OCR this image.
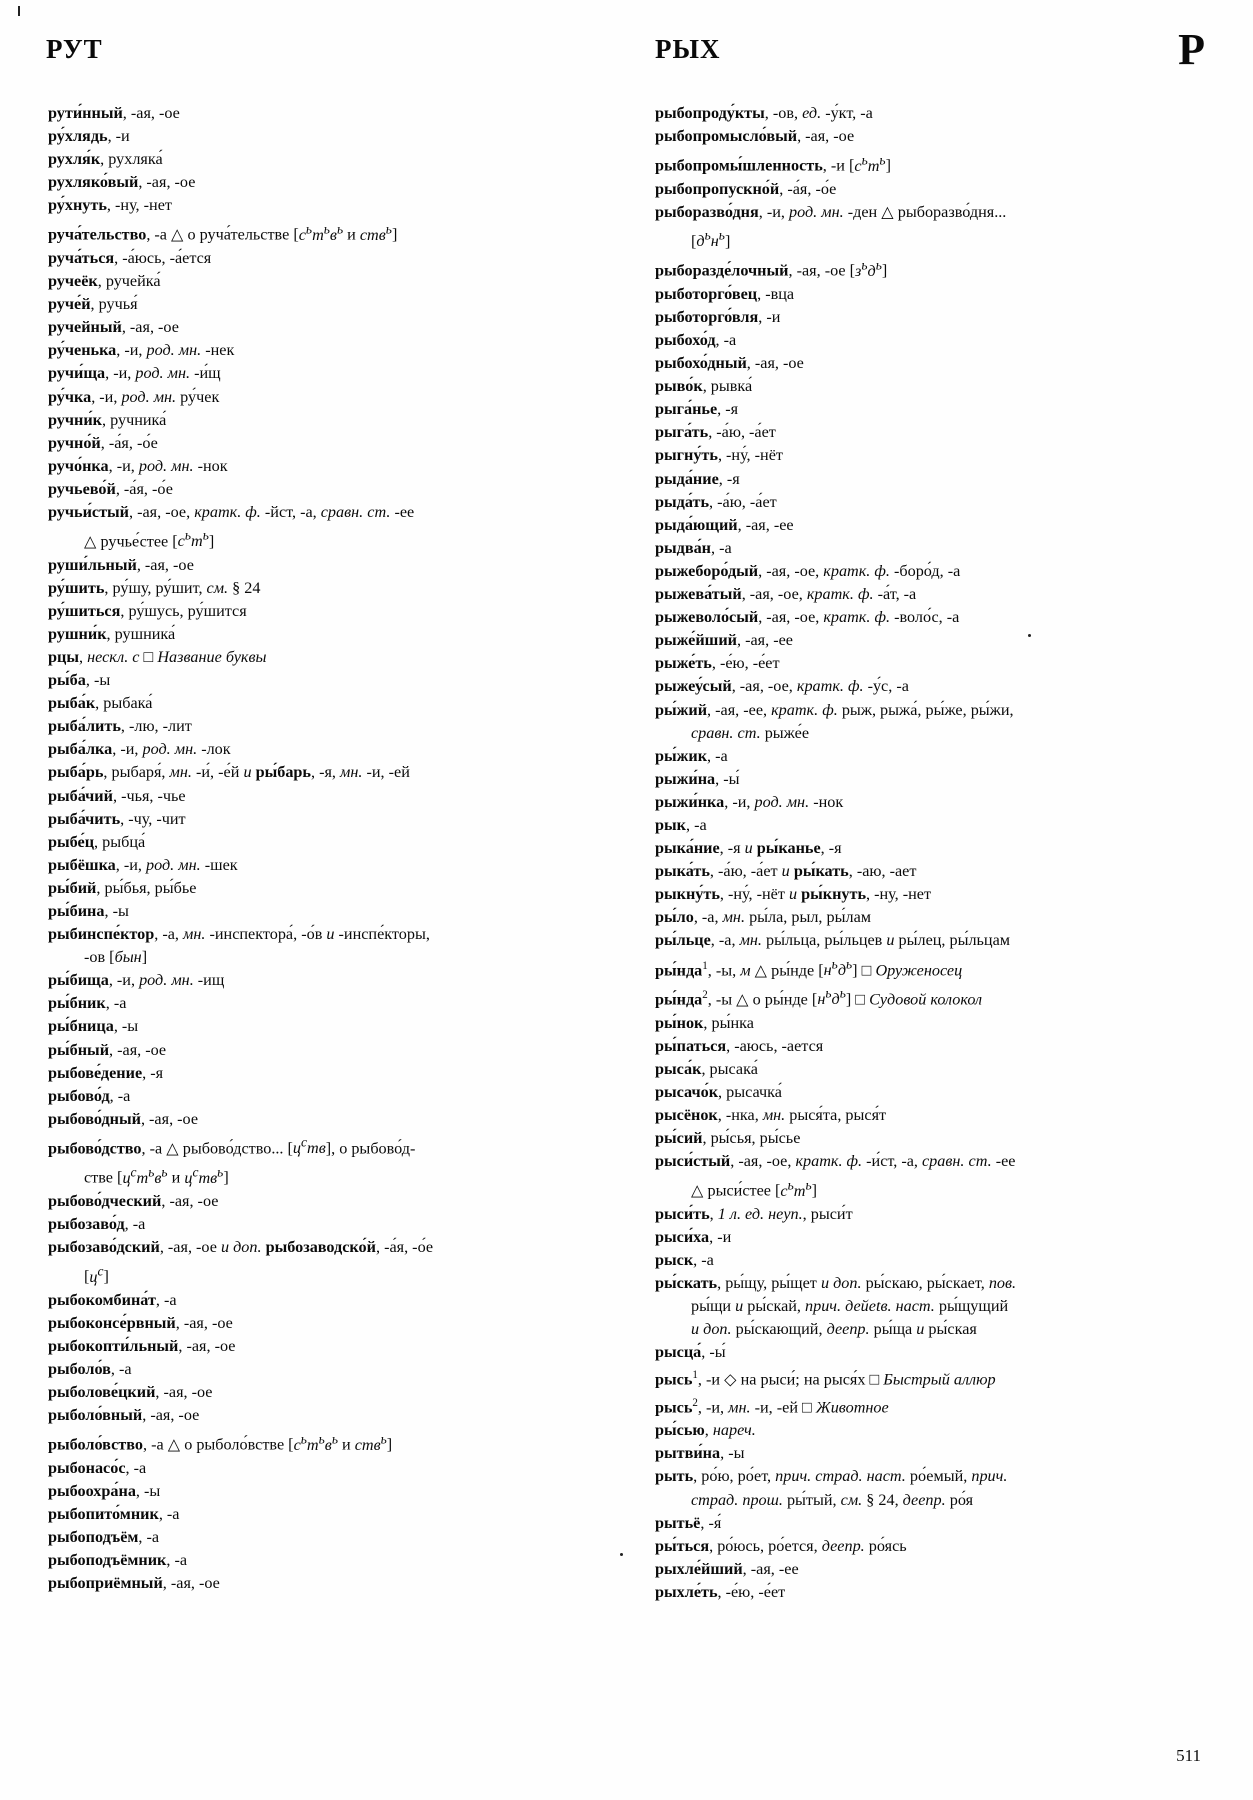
РУТ	РЫХ	Р
рути́нный, -ая, -ое
ру́хлядь, -и
рухля́к, рухляка́
рухляко́вый, -ая, -ое
ру́хнуть, -ну, -нет
руча́тельство, -а △ о руча́тельстве [$с^ьт^ьв^ь$ и ств$^ь$]
руча́ться, -а́юсь, -а́ется
ручеёк, ручейка́
руче́й, ручья́
ручейный, -ая, -ое
ру́ченька, -и, род. мн. -нек
ручи́ща, -и, род. мн. -и́щ
ру́чка, -и, род. мн. ру́чек
ручни́к, ручника́
ручно́й, -а́я, -о́е
ручо́нка, -и, род. мн. -нок
ручьево́й, -а́я, -о́е
ручьи́стый, -ая, -ое, кратк. ф. -йст, -а, сравн. ст. -ее
△ ручье́стее $[с^ьт^ь]$
руши́льный, -ая, -ое
ру́шить, ру́шу, ру́шит, см. § 24
ру́шиться, ру́шусь, ру́шится
рушни́к, рушника́
рцы, нескл. с □ Название буквы
ры́ба, -ы
рыба́к, рыбака́
рыба́лить, -лю, -лит
рыба́лка, -и, род. мн. -лок
рыба́рь, рыбаря́, мн. -и́, -е́й и ры́барь, -я, мн. -и, -ей
рыба́чий, -чья, -чье
рыба́чить, -чу, -чит
рыбе́ц, рыбца́
рыбёшка, -и, род. мн. -шек
ры́бий, ры́бья, ры́бье
ры́бина, -ы
рыбинспе́ктор, -а, мн. -инспектора́, -о́в и -инспе́кторы,
-ов [бын]
ры́бища, -и, род. мн. -ищ
ры́бник, -а
ры́бница, -ы
ры́бный, -ая, -ое
рыбове́дение, -я
рыбово́д, -а
рыбово́дный, -ая, -ое
рыбово́дство, -а △ рыбово́дство... $[ц^ств]$, о рыбово́д-
стве [$ц^ст^ьв^ь$ и $ц^ств^ь$]
рыбово́дческий, -ая, -ое
рыбозаво́д, -а
рыбозаво́дский, -ая, -ое и доп. рыбозаводско́й, -а́я, -о́е
$[ц^с]$
рыбокомбина́т, -а
рыбоконсе́рвный, -ая, -ое
рыбокопти́льный, -ая, -ое
рыболо́в, -а
рыболове́цкий, -ая, -ое
рыболо́вный, -ая, -ое
рыболо́вство, -а △ о рыболо́встве [$с^ьт^ьв^ь$ и ств$^ь$]
рыбонасо́с, -а
рыбоохра́на, -ы
рыбопито́мник, -а
рыбоподъём, -а
рыбоподъёмник, -а
рыбоприёмный, -ая, -ое
рыбопроду́кты, -ов, ед. -у́кт, -а
рыбопромысло́вый, -ая, -ое
рыбопромы́шленность, -и $[с^ьт^ь]$
рыбопропускно́й, -а́я, -о́е
рыборазво́дня, -и, род. мн. -ден △ рыборазво́дня...
$[д^ьн^ь]$
рыборазде́лочный, -ая, -ое $[з^ьд^ь]$
рыботорго́вец, -вца
рыботорго́вля, -и
рыбохо́д, -а
рыбохо́дный, -ая, -ое
рыво́к, рывка́
рыга́нье, -я
рыга́ть, -а́ю, -а́ет
рыгну́ть, -ну́, -нёт
рыда́ние, -я
рыда́ть, -а́ю, -а́ет
рыда́ющий, -ая, -ее
рыдва́н, -а
рыжеборо́дый, -ая, -ое, кратк. ф. -боро́д, -а
рыжева́тый, -ая, -ое, кратк. ф. -а́т, -а
рыжеволо́сый, -ая, -ое, кратк. ф. -воло́с, -а
рыже́йший, -ая, -ее
рыже́ть, -е́ю, -е́ет
рыжеу́сый, -ая, -ое, кратк. ф. -у́с, -а
ры́жий, -ая, -ее, кратк. ф. рыж, рыжа́, ры́же, ры́жи,
сравн. ст. рыже́е
ры́жик, -а
рыжи́на, -ы́
рыжи́нка, -и, род. мн. -нок
рык, -а
рыка́ние, -я и ры́канье, -я
рыка́ть, -а́ю, -а́ет и ры́кать, -аю, -ает
рыкну́ть, -ну́, -нёт и ры́кнуть, -ну, -нет
ры́ло, -а, мн. ры́ла, рыл, ры́лам
ры́льце, -а, мн. ры́льца, ры́льцев и ры́лец, ры́льцам
ры́нда$^1$, -ы, м △ ры́нде $[н^ьд^ь]$ □ Оруженосец
ры́нда$^2$, -ы △ о ры́нде $[н^ьд^ь]$ □ Судовой колокол
ры́нок, ры́нка
ры́паться, -аюсь, -ается
рыса́к, рысака́
рысачо́к, рысачка́
рысёнок, -нка, мн. рыся́та, рыся́т
ры́сий, ры́сья, ры́сье
рыси́стый, -ая, -ое, кратк. ф. -и́ст, -а, сравн. ст. -ее
△ рыси́стее $[с^ьт^ь]$
рыси́ть, 1 л. ед. неуп., рыси́т
рыси́ха, -и
рыск, -а
ры́скать, ры́щу, ры́щет и доп. ры́скаю, ры́скает, пов.
ры́щи и ры́скай, прич. дейetв. наст. ры́щущий
и доп. ры́скающий, деепр. ры́ща и ры́ская
рысца́, -ы́
рысь$^1$, -и ◇ на рыси́; на рыся́х □ Быстрый аллюр
рысь$^2$, -и, мн. -и, -ей □ Животное
ры́сью, нареч.
рытви́на, -ы
рыть, ро́ю, ро́ет, прич. страд. наст. ро́емый, прич.
страд. прош. ры́тый, см. § 24, деепр. ро́я
рытьё, -я́
ры́ться, ро́юсь, ро́ется, деепр. ро́ясь
рыхле́йший, -ая, -ее
рыхле́ть, -е́ю, -е́ет
511
